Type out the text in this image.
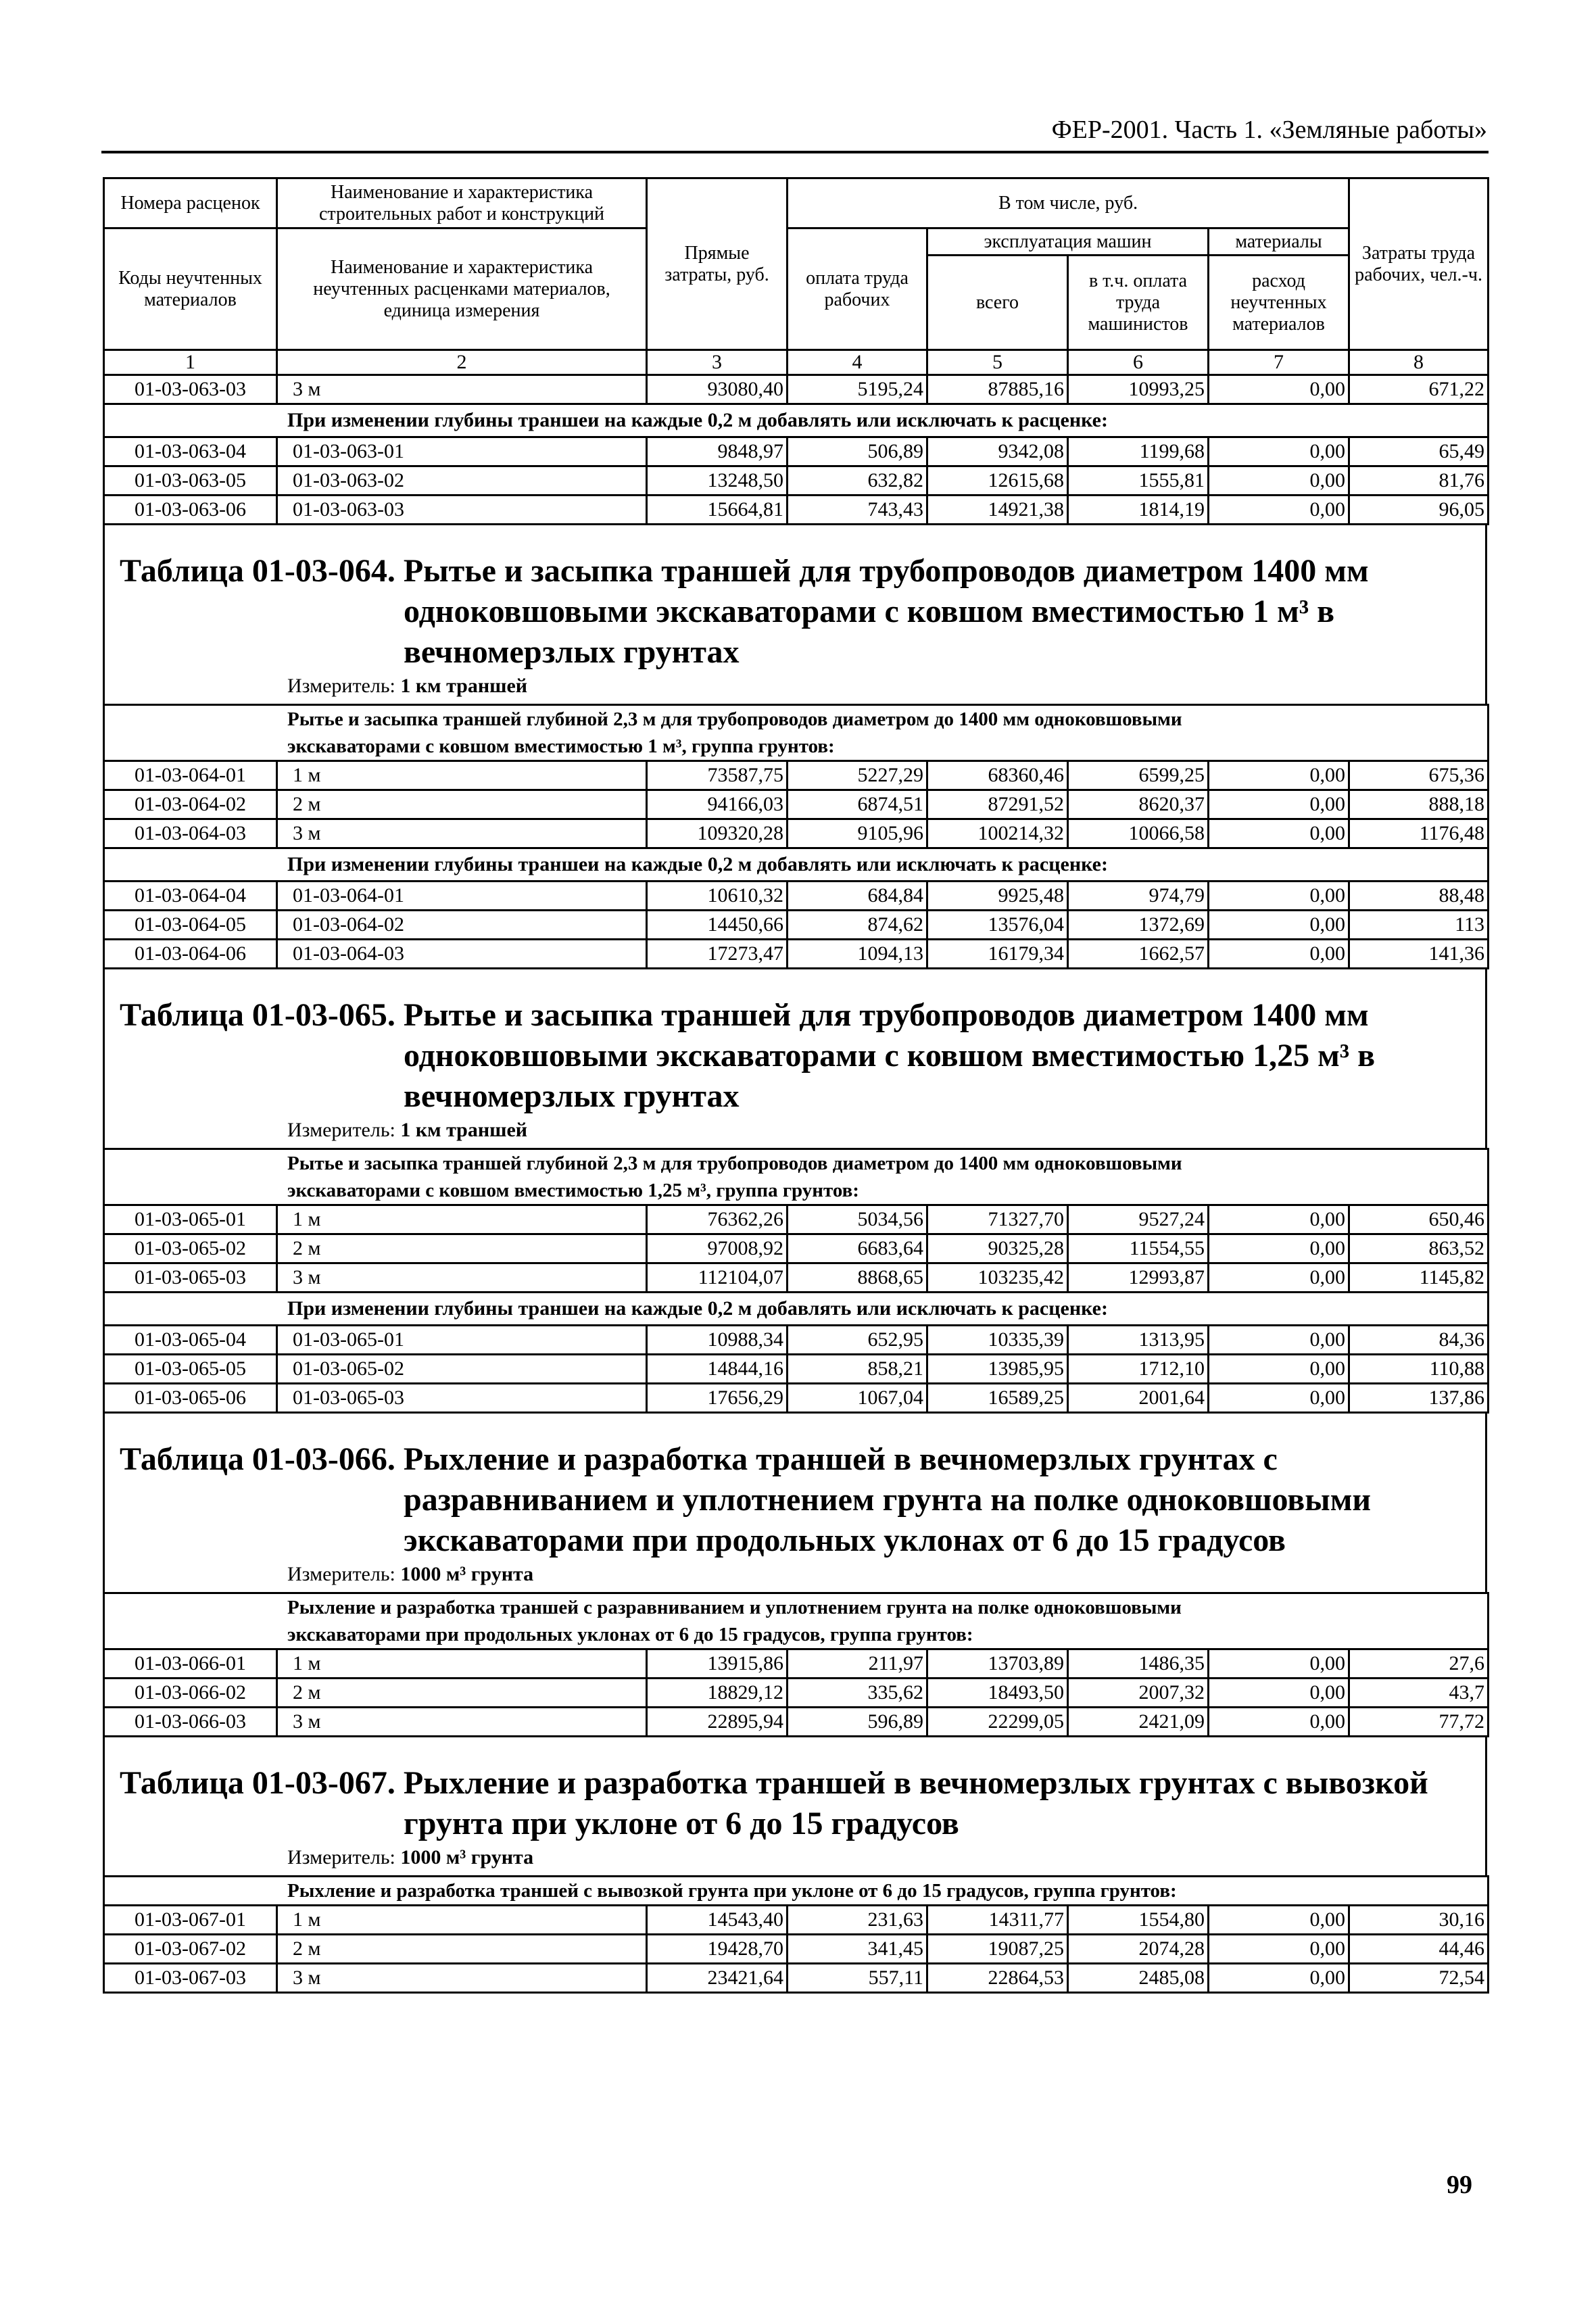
ФЕР-2001. Часть 1. «Земляные работы»
Номера расценок	Наименование и характеристика строительных работ и конструкций	Прямые затраты, руб.	В том числе, руб.				Затраты труда рабочих, чел.-ч.
Коды неучтенных материалов	Наименование и характеристика неучтенных расценками материалов, единица измерения		оплата труда рабочих	эксплуатация машин		материалы	
				всего	в т.ч. оплата труда машинистов	расход неучтенных материалов	
1	2	3	4	5	6	7	8
01-03-063-03	3 м	93080,40	5195,24	87885,16	10993,25	0,00	671,22
При изменении глубины траншеи на каждые 0,2 м добавлять или исключать к расценке:							
01-03-063-04	01-03-063-01	9848,97	506,89	9342,08	1199,68	0,00	65,49
01-03-063-05	01-03-063-02	13248,50	632,82	12615,68	1555,81	0,00	81,76
01-03-063-06	01-03-063-03	15664,81	743,43	14921,38	1814,19	0,00	96,05
Таблица 01-03-064. Рытье и засыпка траншей для трубопроводов диаметром 1400 мм
одноковшовыми экскаваторами с ковшом вместимостью 1 м³ в
вечномерзлых грунтах
Измеритель: 1 км траншей
Рытье и засыпка траншей глубиной 2,3 м для трубопроводов диаметром до 1400 мм одноковшовыми
экскаваторами с ковшом вместимостью 1 м³, группа грунтов:							

01-03-064-01	1 м	73587,75	5227,29	68360,46	6599,25	0,00	675,36
01-03-064-02	2 м	94166,03	6874,51	87291,52	8620,37	0,00	888,18
01-03-064-03	3 м	109320,28	9105,96	100214,32	10066,58	0,00	1176,48
При изменении глубины траншеи на каждые 0,2 м добавлять или исключать к расценке:							
01-03-064-04	01-03-064-01	10610,32	684,84	9925,48	974,79	0,00	88,48
01-03-064-05	01-03-064-02	14450,66	874,62	13576,04	1372,69	0,00	113
01-03-064-06	01-03-064-03	17273,47	1094,13	16179,34	1662,57	0,00	141,36
Таблица 01-03-065. Рытье и засыпка траншей для трубопроводов диаметром 1400 мм
одноковшовыми экскаваторами с ковшом вместимостью 1,25 м³ в
вечномерзлых грунтах
Измеритель: 1 км траншей
Рытье и засыпка траншей глубиной 2,3 м для трубопроводов диаметром до 1400 мм одноковшовыми
экскаваторами с ковшом вместимостью 1,25 м³, группа грунтов:							

01-03-065-01	1 м	76362,26	5034,56	71327,70	9527,24	0,00	650,46
01-03-065-02	2 м	97008,92	6683,64	90325,28	11554,55	0,00	863,52
01-03-065-03	3 м	112104,07	8868,65	103235,42	12993,87	0,00	1145,82
При изменении глубины траншеи на каждые 0,2 м добавлять или исключать к расценке:							
01-03-065-04	01-03-065-01	10988,34	652,95	10335,39	1313,95	0,00	84,36
01-03-065-05	01-03-065-02	14844,16	858,21	13985,95	1712,10	0,00	110,88
01-03-065-06	01-03-065-03	17656,29	1067,04	16589,25	2001,64	0,00	137,86
Таблица 01-03-066. Рыхление и разработка траншей в вечномерзлых грунтах с
разравниванием и уплотнением грунта на полке одноковшовыми
экскаваторами при продольных уклонах от 6 до 15 градусов
Измеритель: 1000 м³ грунта
Рыхление и разработка траншей с разравниванием и уплотнением грунта на полке одноковшовыми
экскаваторами при продольных уклонах от 6 до 15 градусов, группа грунтов:							

01-03-066-01	1 м	13915,86	211,97	13703,89	1486,35	0,00	27,6
01-03-066-02	2 м	18829,12	335,62	18493,50	2007,32	0,00	43,7
01-03-066-03	3 м	22895,94	596,89	22299,05	2421,09	0,00	77,72
Таблица 01-03-067. Рыхление и разработка траншей в вечномерзлых грунтах с вывозкой
грунта при уклоне от 6 до 15 градусов
Измеритель: 1000 м³ грунта
Рыхление и разработка траншей с вывозкой грунта при уклоне от 6 до 15 градусов, группа грунтов:							

01-03-067-01	1 м	14543,40	231,63	14311,77	1554,80	0,00	30,16
01-03-067-02	2 м	19428,70	341,45	19087,25	2074,28	0,00	44,46
01-03-067-03	3 м	23421,64	557,11	22864,53	2485,08	0,00	72,54
99
